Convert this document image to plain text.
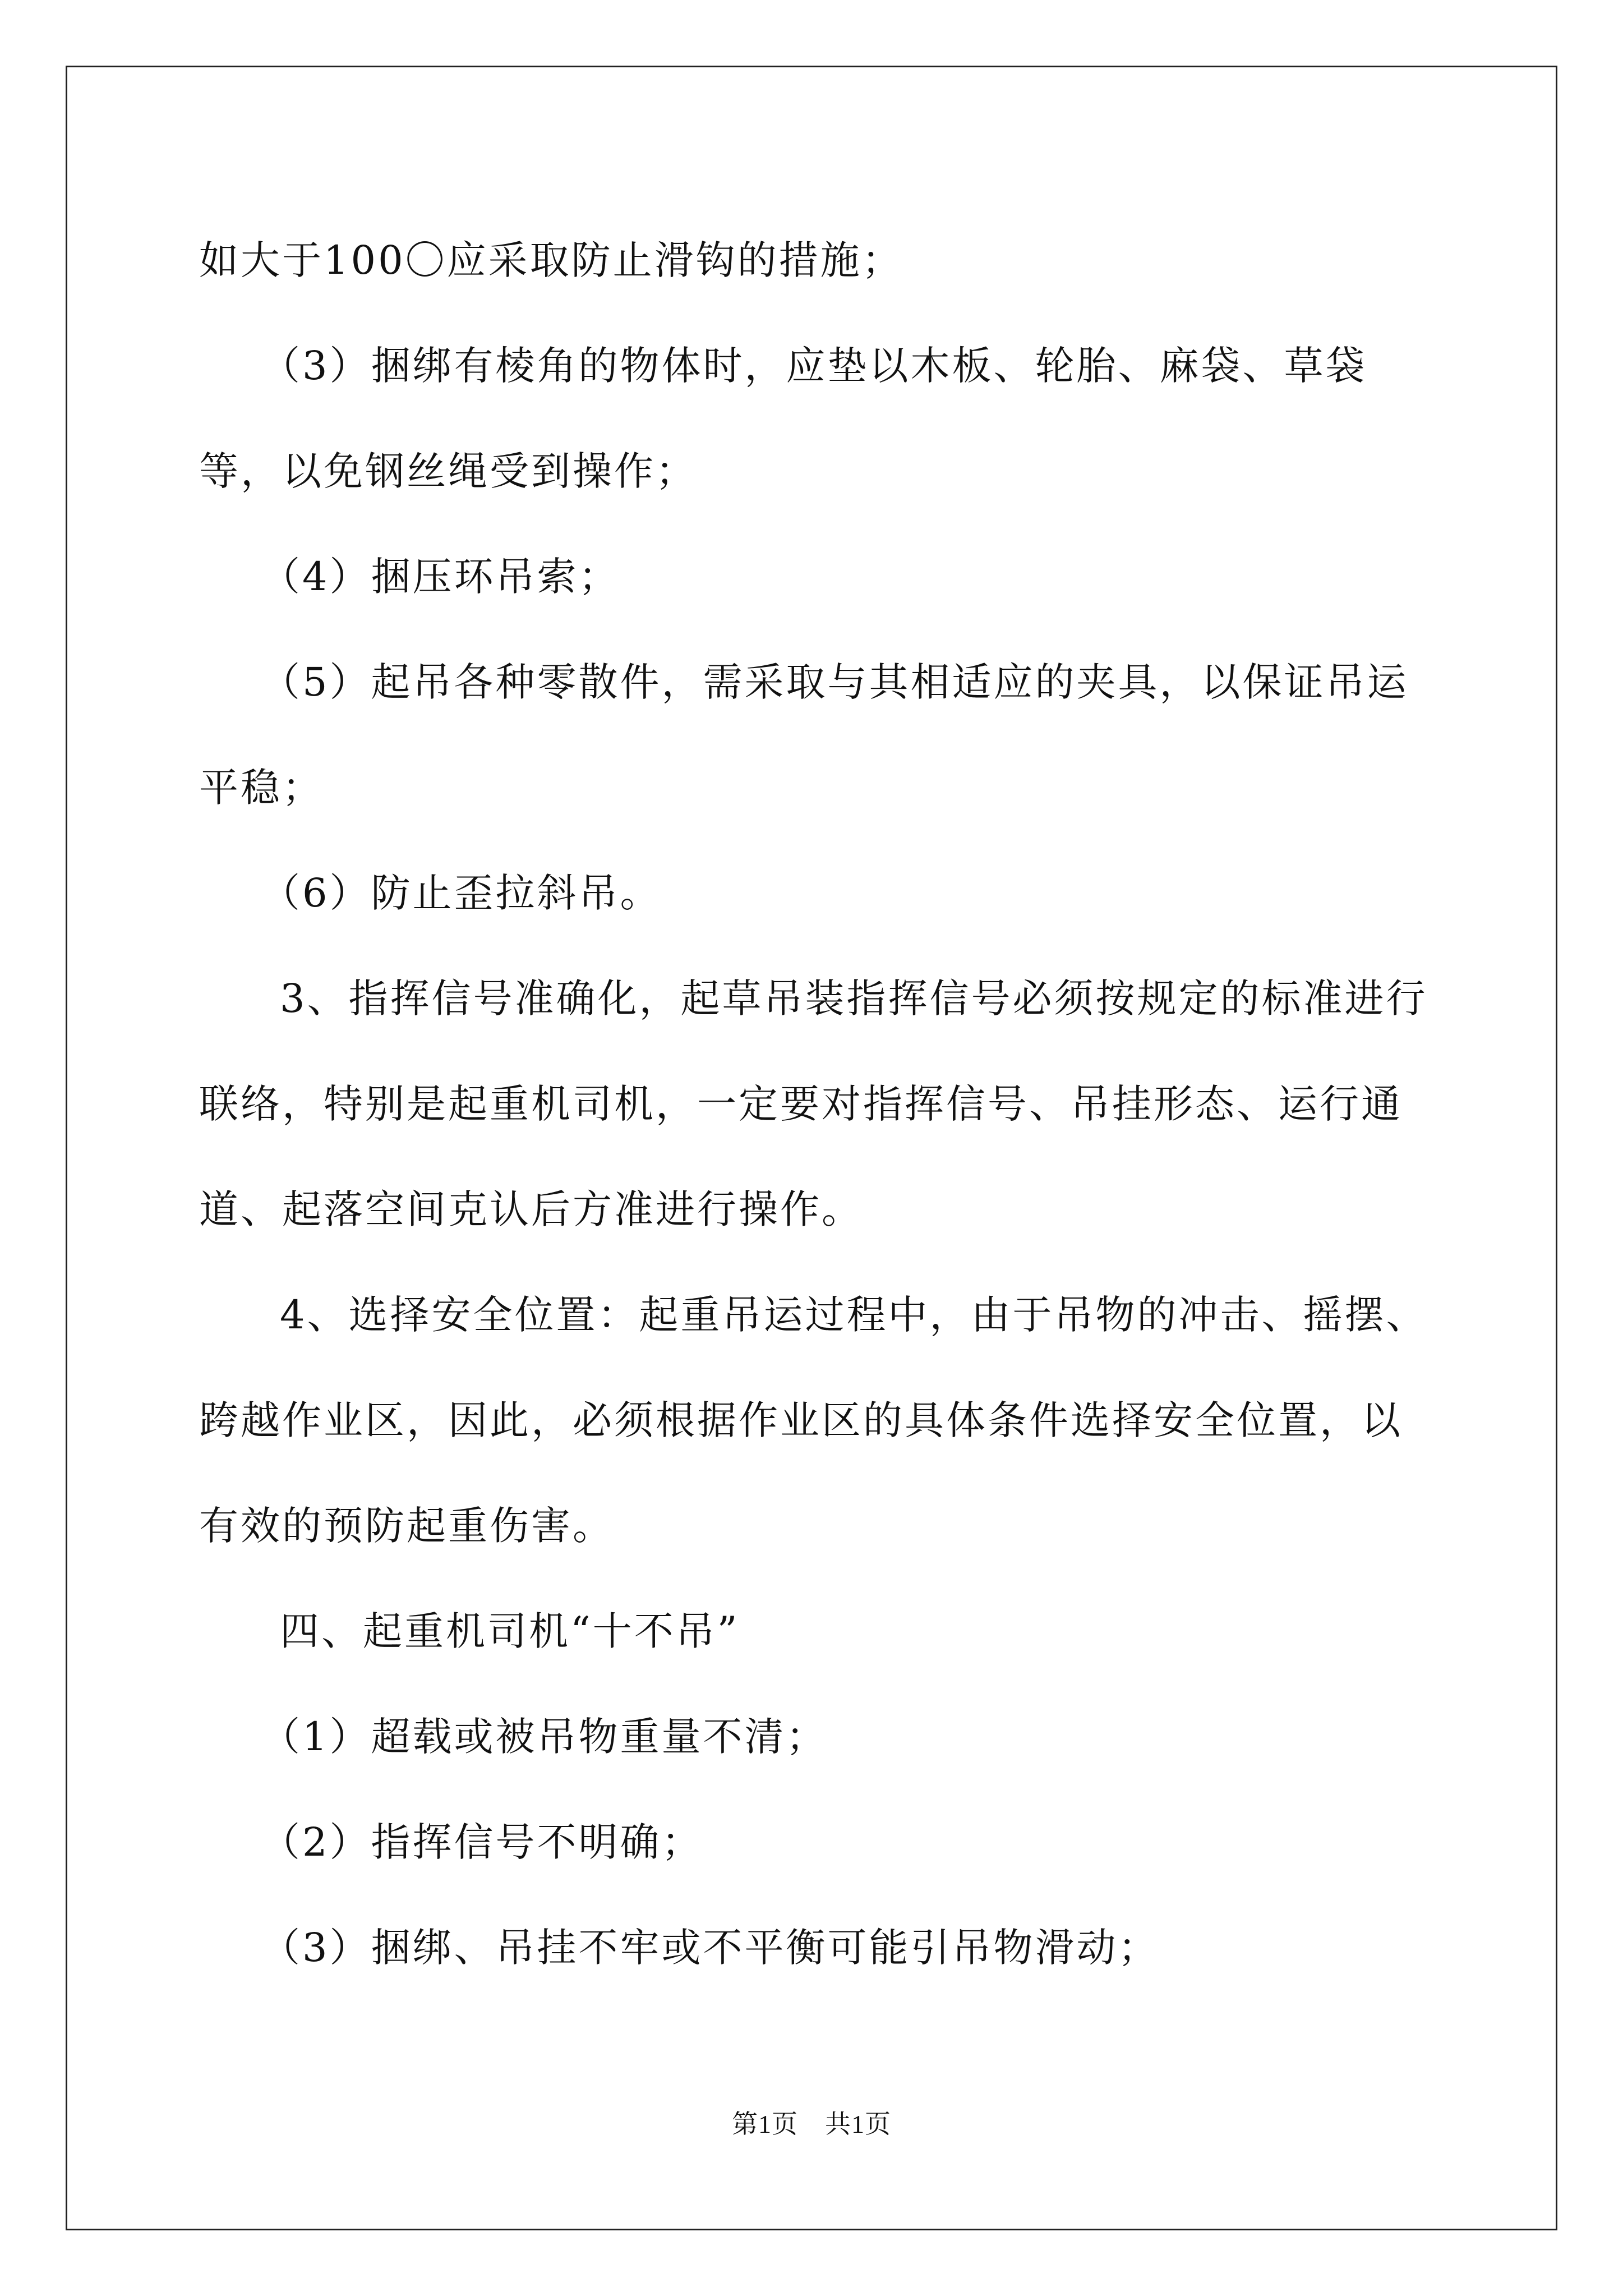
如大于100〇应采取防止滑钩的措施；

（3）捆绑有棱角的物体时，应垫以木板、轮胎、麻袋、草袋等，以免钢丝绳受到操作；

（4）捆压环吊索；

（5）起吊各种零散件，需采取与其相适应的夹具，以保证吊运平稳；

（6）防止歪拉斜吊。

3、指挥信号准确化，起草吊装指挥信号必须按规定的标准进行联络，特别是起重机司机，一定要对指挥信号、吊挂形态、运行通道、起落空间克认后方准进行操作。

4、选择安全位置：起重吊运过程中，由于吊物的冲击、摇摆、跨越作业区，因此，必须根据作业区的具体条件选择安全位置，以有效的预防起重伤害。

四、起重机司机“十不吊”

（1）超载或被吊物重量不清；

（2）指挥信号不明确；

（3）捆绑、吊挂不牢或不平衡可能引吊物滑动；

第1页 共1页
